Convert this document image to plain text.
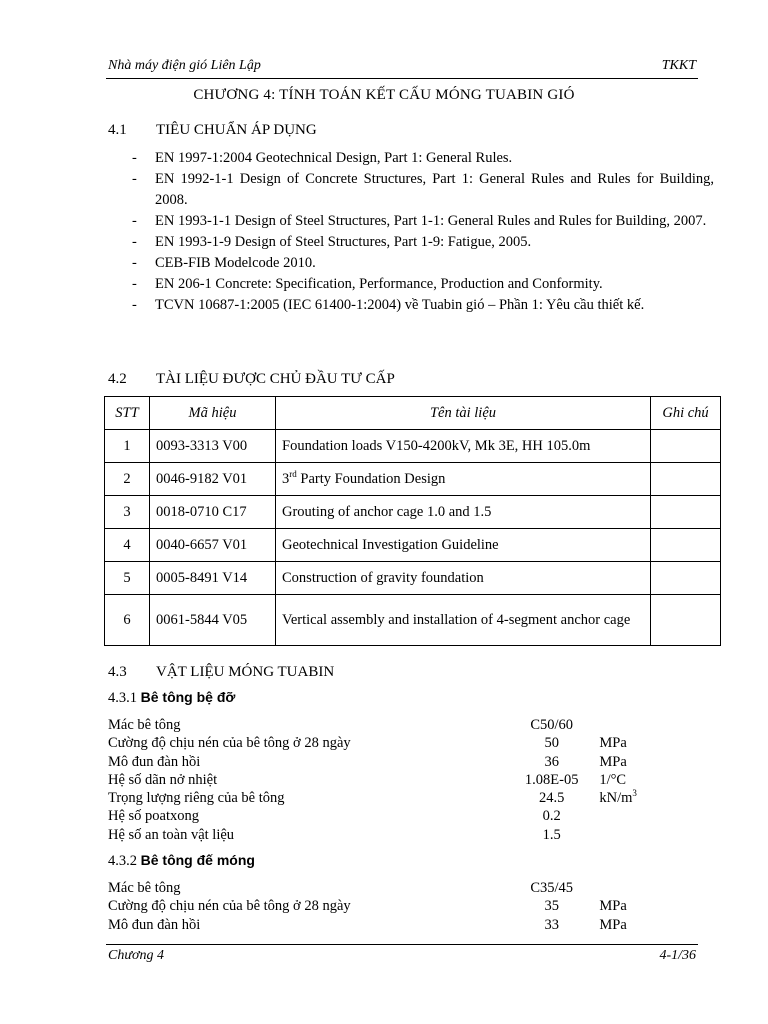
Nhà máy điện gió Liên Lập	TKKT
CHƯƠNG 4: TÍNH TOÁN KẾT CẤU MÓNG TUABIN GIÓ
4.1 TIÊU CHUẨN ÁP DỤNG
- EN 1997-1:2004 Geotechnical Design, Part 1: General Rules.
- EN 1992-1-1 Design of Concrete Structures, Part 1: General Rules and Rules for Building, 2008.
- EN 1993-1-1 Design of Steel Structures, Part 1-1: General Rules and Rules for Building, 2007.
- EN 1993-1-9 Design of Steel Structures, Part 1-9: Fatigue, 2005.
- CEB-FIB Modelcode 2010.
- EN 206-1 Concrete: Specification, Performance, Production and Conformity.
- TCVN 10687-1:2005 (IEC 61400-1:2004) về Tuabin gió – Phần 1: Yêu cầu thiết kế.
4.2 TÀI LIỆU ĐƯỢC CHỦ ĐẦU TƯ CẤP
STT	Mã hiệu	Tên tài liệu	Ghi chú
1	0093-3313 V00	Foundation loads V150-4200kV, Mk 3E, HH 105.0m	
2	0046-9182 V01	3rd Party Foundation Design	
3	0018-0710 C17	Grouting of anchor cage 1.0 and 1.5	
4	0040-6657 V01	Geotechnical Investigation Guideline	
5	0005-8491 V14	Construction of gravity foundation	
6	0061-5844 V05	Vertical assembly and installation of 4-segment anchor cage	
4.3 VẬT LIỆU MÓNG TUABIN
4.3.1 Bê tông bệ đỡ
Mác bê tông	C50/60
Cường độ chịu nén của bê tông ở 28 ngày	50	MPa
Mô đun đàn hồi	36	MPa
Hệ số dãn nở nhiệt	1.08E-05	1/°C
Trọng lượng riêng của bê tông	24.5	$kN/m^3$
Hệ số poatxong	0.2
Hệ số an toàn vật liệu	1.5
4.3.2 Bê tông đế móng
Mác bê tông	C35/45
Cường độ chịu nén của bê tông ở 28 ngày	35	MPa
Mô đun đàn hồi	33	MPa
Chương 4	4-1/36
